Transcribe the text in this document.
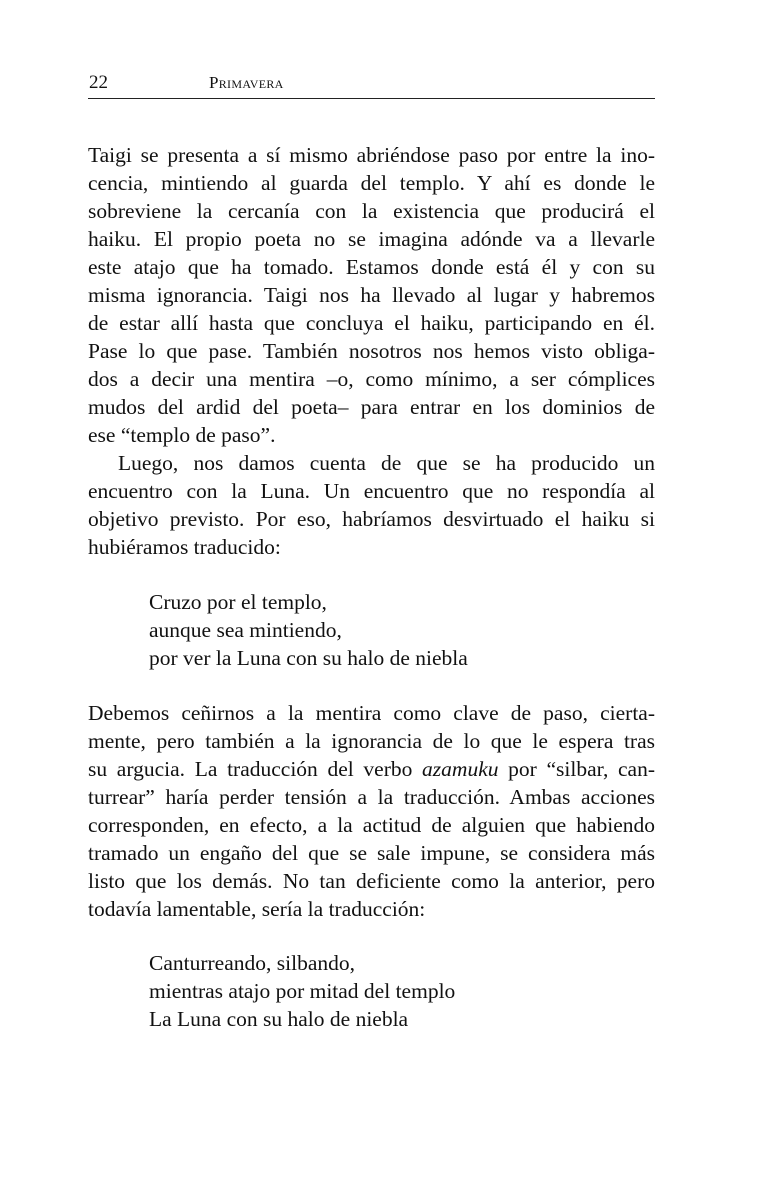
22	Primavera
Taigi se presenta a sí mismo abriéndose paso por entre la ino-
cencia, mintiendo al guarda del templo. Y ahí es donde le
sobreviene la cercanía con la existencia que producirá el
haiku. El propio poeta no se imagina adónde va a llevarle
este atajo que ha tomado. Estamos donde está él y con su
misma ignorancia. Taigi nos ha llevado al lugar y habremos
de estar allí hasta que concluya el haiku, participando en él.
Pase lo que pase. También nosotros nos hemos visto obliga-
dos a decir una mentira –o, como mínimo, a ser cómplices
mudos del ardid del poeta– para entrar en los dominios de
ese “templo de paso”.
Luego, nos damos cuenta de que se ha producido un
encuentro con la Luna. Un encuentro que no respondía al
objetivo previsto. Por eso, habríamos desvirtuado el haiku si
hubiéramos traducido:
Cruzo por el templo,
aunque sea mintiendo,
por ver la Luna con su halo de niebla
Debemos ceñirnos a la mentira como clave de paso, cierta-
mente, pero también a la ignorancia de lo que le espera tras
su argucia. La traducción del verbo azamuku por “silbar, can-
turrear” haría perder tensión a la traducción. Ambas acciones
corresponden, en efecto, a la actitud de alguien que habiendo
tramado un engaño del que se sale impune, se considera más
listo que los demás. No tan deficiente como la anterior, pero
todavía lamentable, sería la traducción:
Canturreando, silbando,
mientras atajo por mitad del templo
La Luna con su halo de niebla
